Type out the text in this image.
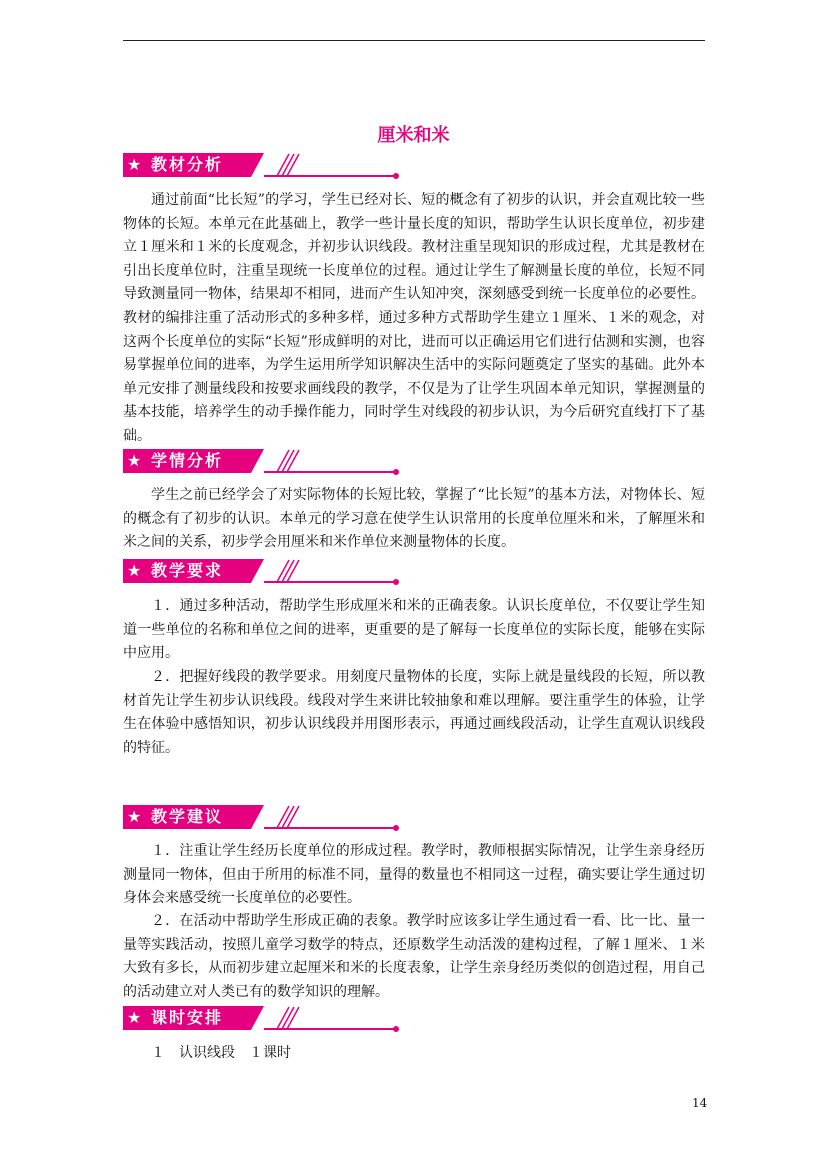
厘米和米
★ 教材分析

通过前面“比长短”的学习，学生已经对长、短的概念有了初步的认识，并会直观比较一些物体的长短。本单元在此基础上，教学一些计量长度的知识，帮助学生认识长度单位，初步建立１厘米和１米的长度观念，并初步认识线段。教材注重呈现知识的形成过程，尤其是教材在引出长度单位时，注重呈现统一长度单位的过程。通过让学生了解测量长度的单位，长短不同导致测量同一物体，结果却不相同，进而产生认知冲突，深刻感受到统一长度单位的必要性。教材的编排注重了活动形式的多种多样，通过多种方式帮助学生建立１厘米、１米的观念，对这两个长度单位的实际“长短”形成鲜明的对比，进而可以正确运用它们进行估测和实测，也容易掌握单位间的进率，为学生运用所学知识解决生活中的实际问题奠定了坚实的基础。此外本单元安排了测量线段和按要求画线段的教学，不仅是为了让学生巩固本单元知识，掌握测量的基本技能，培养学生的动手操作能力，同时学生对线段的初步认识，为今后研究直线打下了基础。

★ 学情分析

学生之前已经学会了对实际物体的长短比较，掌握了“比长短”的基本方法，对物体长、短的概念有了初步的认识。本单元的学习意在使学生认识常用的长度单位厘米和米，了解厘米和米之间的关系，初步学会用厘米和米作单位来测量物体的长度。

★ 教学要求

１．通过多种活动，帮助学生形成厘米和米的正确表象。认识长度单位，不仅要让学生知道一些单位的名称和单位之间的进率，更重要的是了解每一长度单位的实际长度，能够在实际中应用。

２．把握好线段的教学要求。用刻度尺量物体的长度，实际上就是量线段的长短，所以教材首先让学生初步认识线段。线段对学生来讲比较抽象和难以理解。要注重学生的体验，让学生在体验中感悟知识，初步认识线段并用图形表示，再通过画线段活动，让学生直观认识线段的特征。

★ 教学建议

１．注重让学生经历长度单位的形成过程。教学时，教师根据实际情况，让学生亲身经历测量同一物体，但由于所用的标准不同，量得的数量也不相同这一过程，确实要让学生通过切身体会来感受统一长度单位的必要性。

２．在活动中帮助学生形成正确的表象。教学时应该多让学生通过看一看、比一比、量一量等实践活动，按照儿童学习数学的特点，还原数学生动活泼的建构过程，了解１厘米、１米大致有多长，从而初步建立起厘米和米的长度表象，让学生亲身经历类似的创造过程，用自己的活动建立对人类已有的数学知识的理解。

★ 课时安排

１　认识线段　１课时

14
